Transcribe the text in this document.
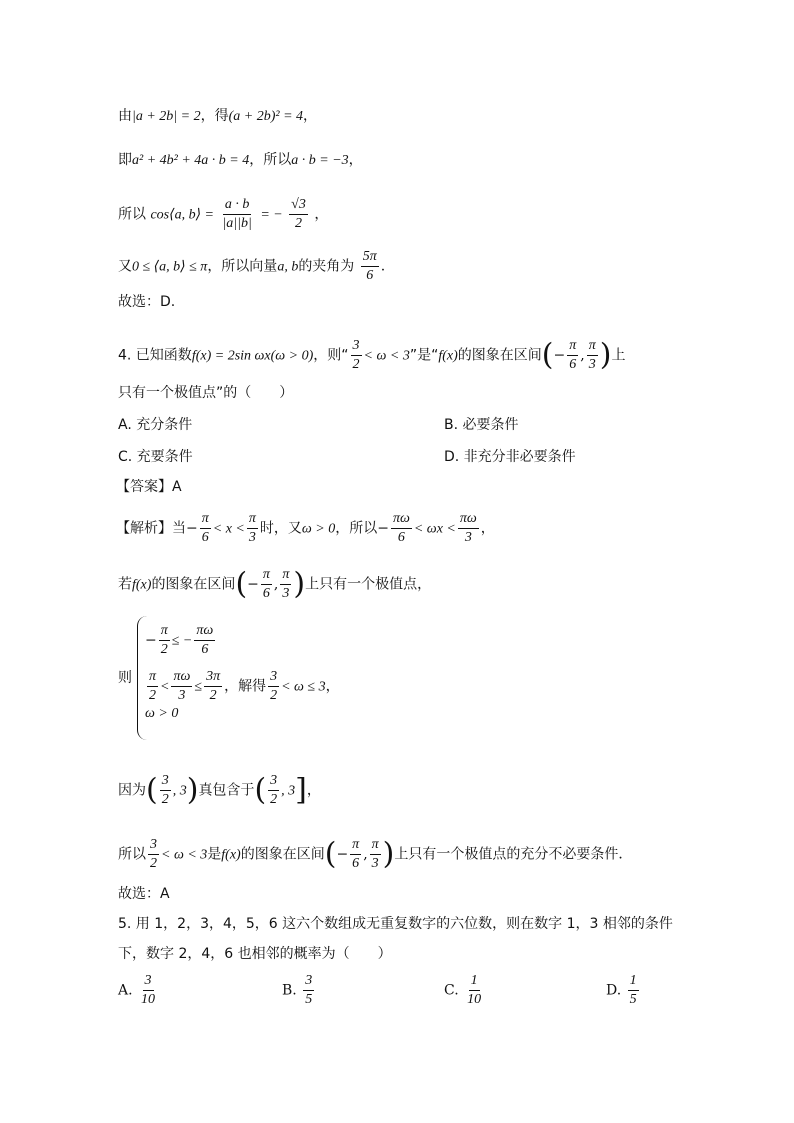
由|a + 2b| = 2，得(a + 2b)² = 4，
即a² + 4b² + 4a · b = 4，所以a · b = −3，
所以 cos⟨a, b⟩ = $\frac{a \cdot b}{|a||b|}$ = − $\frac{√3}{2}$ ，
又0 ≤ ⟨a, b⟩ ≤ π，所以向量a, b的夹角为 $\frac{5\pi}{6}$ .
故选：D.
4. 已知函数f(x) = 2sin ωx(ω > 0)，则“ $\frac{3}{2} < \omega < 3$”是“f(x)的图象在区间(− $\frac{\pi}{6}$ , $\frac{\pi}{3}$ )上
只有一个极值点”的（　　）
A. 充分条件	B. 必要条件
C. 充要条件	D. 非充分非必要条件
【答案】A
【解析】当− $\frac{\pi}{6} < x < \frac{\pi}{3}$ 时，又ω > 0，所以− $\frac{\pi\omega}{6} < \omega x < \frac{\pi\omega}{3}$ ，
若f(x)的图象在区间(− $\frac{\pi}{6}$ , $\frac{\pi}{3}$ )上只有一个极值点，
− $\frac{\pi}{2}$ ≤ − $\frac{\pi\omega}{6}$
则 $\frac{\pi}{2} < \frac{\pi\omega}{3} \le \frac{3\pi}{2}$ ，解得 $\frac{3}{2} < \omega \le 3$，
ω > 0
因为( $\frac{3}{2}$ , 3)真包含于( $\frac{3}{2}$ , 3]，
所以 $\frac{3}{2} < \omega < 3$是f(x)的图象在区间(− $\frac{\pi}{6}$ , $\frac{\pi}{3}$ )上只有一个极值点的充分不必要条件．
故选：A
5. 用 1，2，3，4，5，6 这六个数组成无重复数字的六位数，则在数字 1，3 相邻的条件
下，数字 2，4，6 也相邻的概率为（　　）
A. $\frac{3}{10}$	B. $\frac{3}{5}$	C. $\frac{1}{10}$	D. $\frac{1}{5}$
